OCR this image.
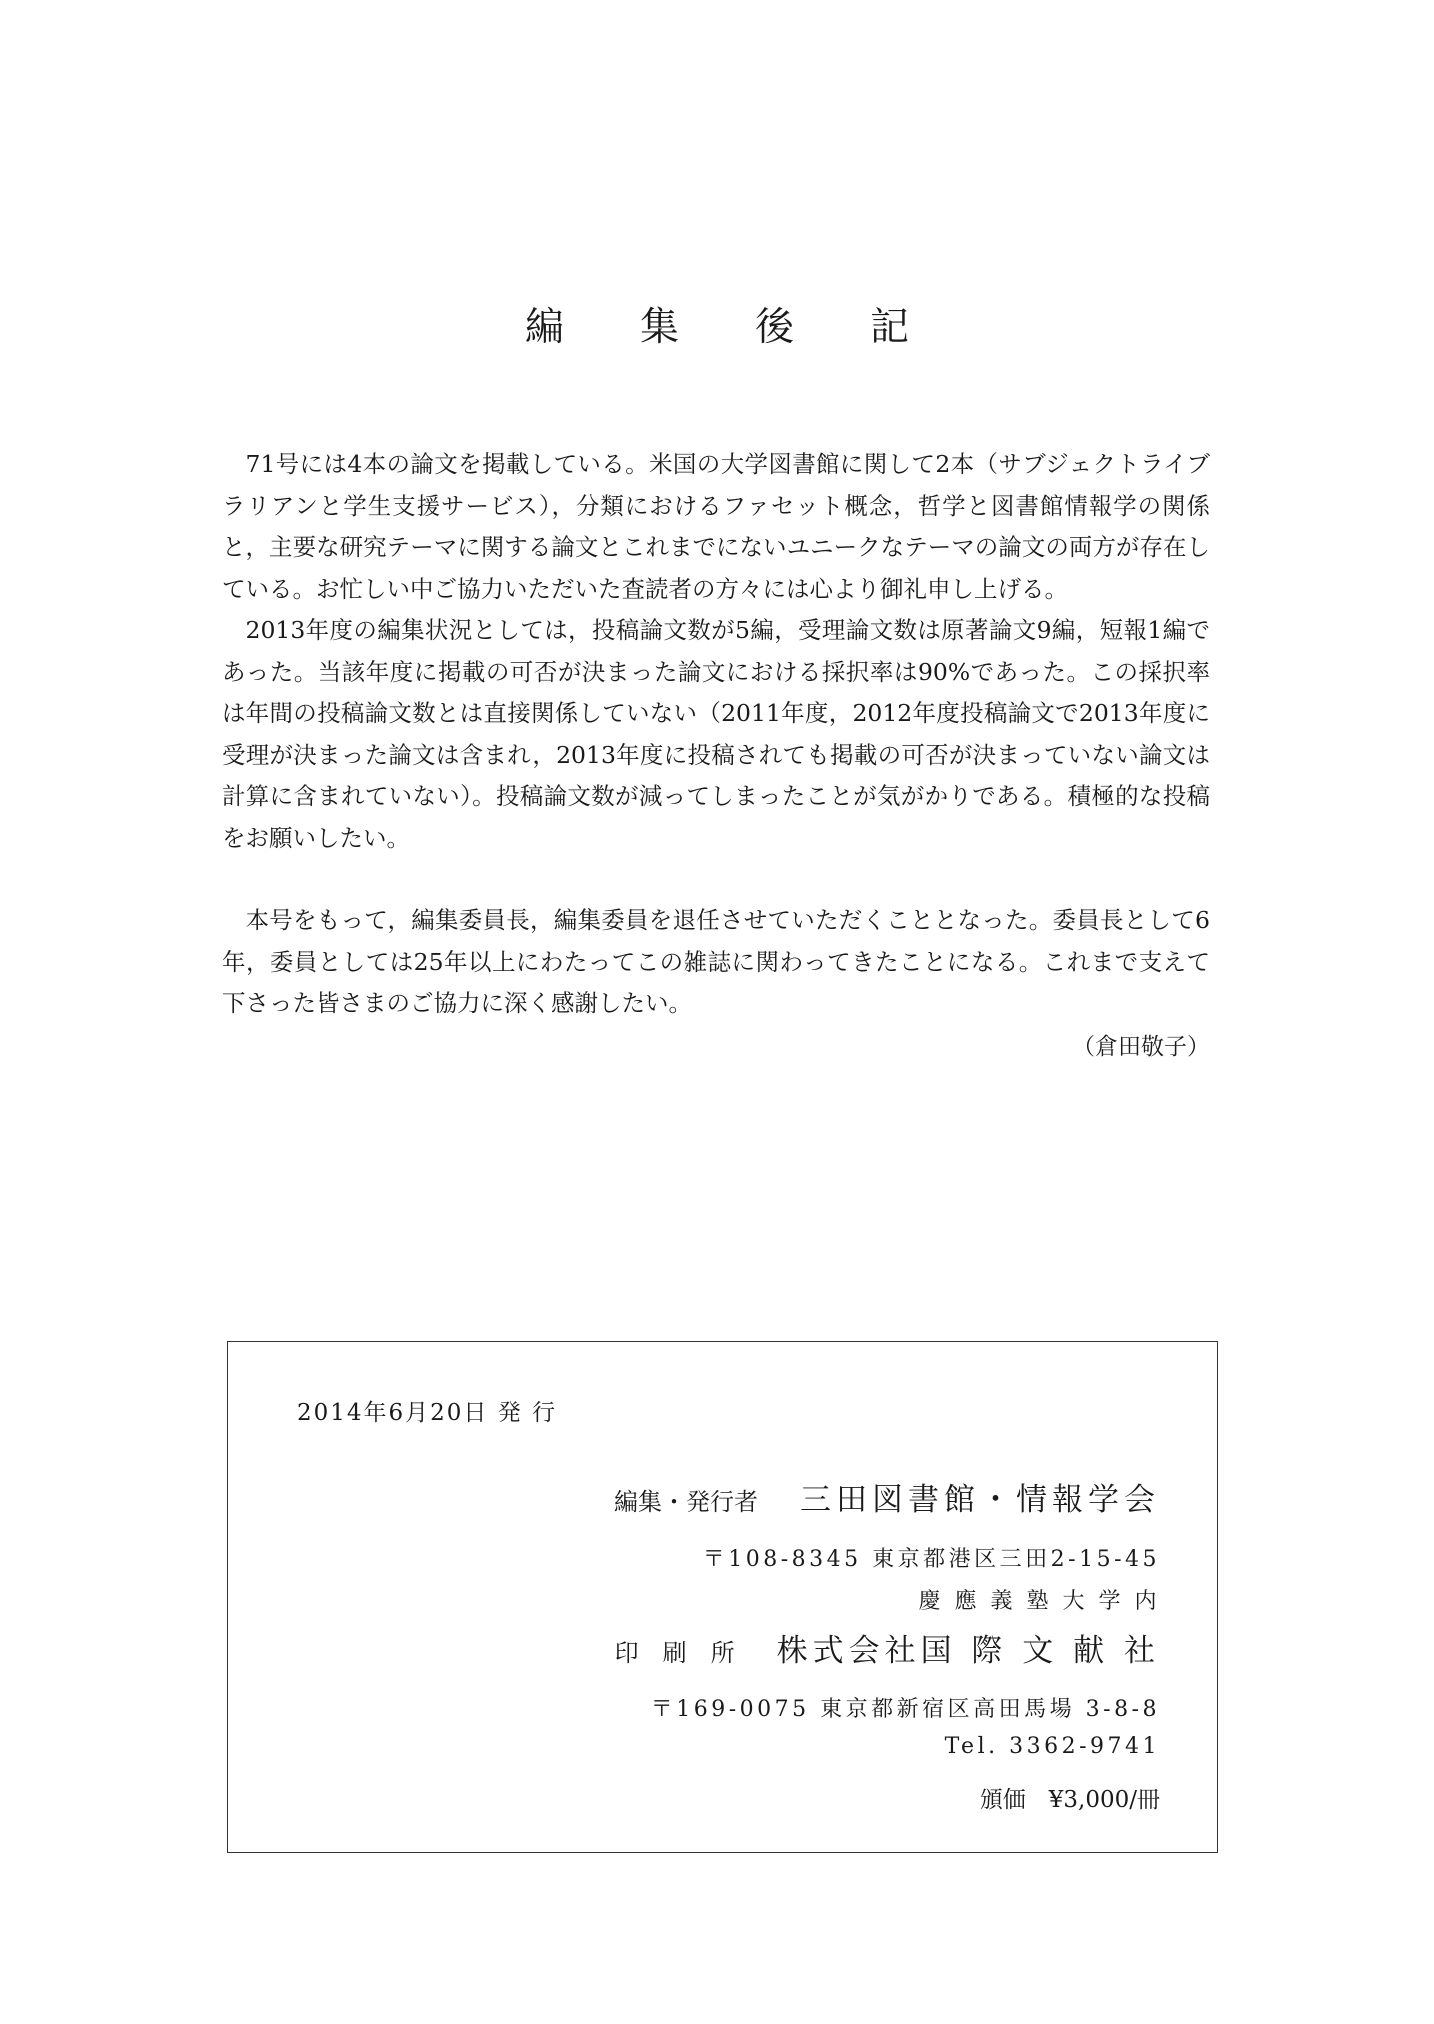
編 集 後 記

71号には4本の論文を掲載している。米国の大学図書館に関して2本（サブジェクトライブラリアンと学生支援サービス），分類におけるファセット概念，哲学と図書館情報学の関係と，主要な研究テーマに関する論文とこれまでにないユニークなテーマの論文の両方が存在している。お忙しい中ご協力いただいた査読者の方々には心より御礼申し上げる。

2013年度の編集状況としては，投稿論文数が5編，受理論文数は原著論文9編，短報1編であった。当該年度に掲載の可否が決まった論文における採択率は90%であった。この採択率は年間の投稿論文数とは直接関係していない（2011年度，2012年度投稿論文で2013年度に受理が決まった論文は含まれ，2013年度に投稿されても掲載の可否が決まっていない論文は計算に含まれていない）。投稿論文数が減ってしまったことが気がかりである。積極的な投稿をお願いしたい。

本号をもって，編集委員長，編集委員を退任させていただくこととなった。委員長として6年，委員としては25年以上にわたってこの雑誌に関わってきたことになる。これまで支えて下さった皆さまのご協力に深く感謝したい。

（倉田敬子）
2014年6月20日 発 行
編集・発行者 三田図書館・情報学会
〒108-8345 東京都港区三田2-15-45
慶 應 義 塾 大 学 内
印　刷　所 株式会社国 際 文 献 社
〒169-0075 東京都新宿区高田馬場 3-8-8
Tel. 3362-9741
頒価　¥3,000/冊
